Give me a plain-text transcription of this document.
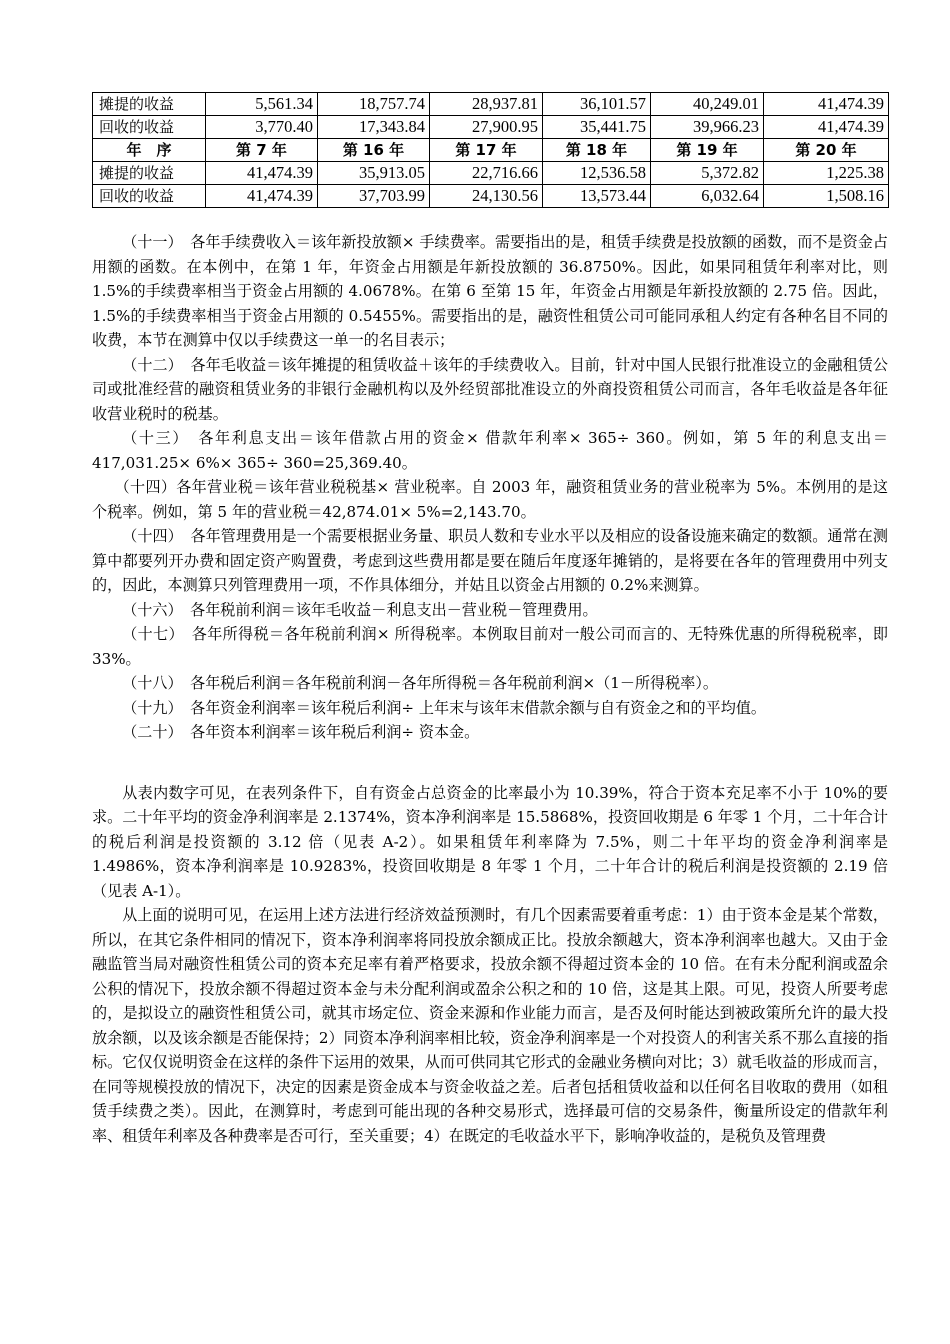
摊提的收益	5,561.34	18,757.74	28,937.81	36,101.57	40,249.01	41,474.39
回收的收益	3,770.40	17,343.84	27,900.95	35,441.75	39,966.23	41,474.39
年　序	第 7 年	第 16 年	第 17 年	第 18 年	第 19 年	第 20 年
摊提的收益	41,474.39	35,913.05	22,716.66	12,536.58	5,372.82	1,225.38
回收的收益	41,474.39	37,703.99	24,130.56	13,573.44	6,032.64	1,508.16

（十一）　各年手续费收入＝该年新投放额× 手续费率。需要指出的是，租赁手续费是投放额的函数，而不是资金占用额的函数。在本例中，在第 1 年，年资金占用额是年新投放额的 36.8750%。因此，如果同租赁年利率对比，则 1.5%的手续费率相当于资金占用额的 4.0678%。在第 6 至第 15 年，年资金占用额是年新投放额的 2.75 倍。因此，1.5%的手续费率相当于资金占用额的 0.5455%。需要指出的是，融资性租赁公司可能同承租人约定有各种名目不同的收费，本节在测算中仅以手续费这一单一的名目表示；

（十二）　各年毛收益＝该年摊提的租赁收益＋该年的手续费收入。目前，针对中国人民银行批准设立的金融租赁公司或批准经营的融资租赁业务的非银行金融机构以及外经贸部批准设立的外商投资租赁公司而言，各年毛收益是各年征收营业税时的税基。

（十三）　各年利息支出＝该年借款占用的资金× 借款年利率× 365÷ 360。例如，第 5 年的利息支出＝417,031.25× 6%× 365÷ 360=25,369.40。

（十四）各年营业税＝该年营业税税基× 营业税率。自 2003 年，融资租赁业务的营业税率为 5%。本例用的是这个税率。例如，第 5 年的营业税＝42,874.01× 5%=2,143.70。

（十四）　各年管理费用是一个需要根据业务量、职员人数和专业水平以及相应的设备设施来确定的数额。通常在测算中都要列开办费和固定资产购置费，考虑到这些费用都是要在随后年度逐年摊销的，是将要在各年的管理费用中列支的，因此，本测算只列管理费用一项，不作具体细分，并姑且以资金占用额的 0.2%来测算。

（十六）　各年税前利润＝该年毛收益－利息支出－营业税－管理费用。

（十七）　各年所得税＝各年税前利润× 所得税率。本例取目前对一般公司而言的、无特殊优惠的所得税税率，即 33%。

（十八）　各年税后利润＝各年税前利润－各年所得税＝各年税前利润×（1－所得税率）。

（十九）　各年资金利润率＝该年税后利润÷ 上年末与该年末借款余额与自有资金之和的平均值。

（二十）　各年资本利润率＝该年税后利润÷ 资本金。

从表内数字可见，在表列条件下，自有资金占总资金的比率最小为 10.39%，符合于资本充足率不小于 10%的要求。二十年平均的资金净利润率是 2.1374%，资本净利润率是 15.5868%，投资回收期是 6 年零 1 个月，二十年合计的税后利润是投资额的 3.12 倍（见表 A-2）。如果租赁年利率降为 7.5%，则二十年平均的资金净利润率是 1.4986%，资本净利润率是 10.9283%，投资回收期是 8 年零 1 个月，二十年合计的税后利润是投资额的 2.19 倍（见表 A-1）。

从上面的说明可见，在运用上述方法进行经济效益预测时，有几个因素需要着重考虑：1）由于资本金是某个常数，所以，在其它条件相同的情况下，资本净利润率将同投放余额成正比。投放余额越大，资本净利润率也越大。又由于金融监管当局对融资性租赁公司的资本充足率有着严格要求，投放余额不得超过资本金的 10 倍。在有未分配利润或盈余公积的情况下，投放余额不得超过资本金与未分配利润或盈余公积之和的 10 倍，这是其上限。可见，投资人所要考虑的，是拟设立的融资性租赁公司，就其市场定位、资金来源和作业能力而言，是否及何时能达到被政策所允许的最大投放余额，以及该余额是否能保持；2）同资本净利润率相比较，资金净利润率是一个对投资人的利害关系不那么直接的指标。它仅仅说明资金在这样的条件下运用的效果，从而可供同其它形式的金融业务横向对比；3）就毛收益的形成而言，在同等规模投放的情况下，决定的因素是资金成本与资金收益之差。后者包括租赁收益和以任何名目收取的费用（如租赁手续费之类）。因此，在测算时，考虑到可能出现的各种交易形式，选择最可信的交易条件，衡量所设定的借款年利率、租赁年利率及各种费率是否可行，至关重要；4）在既定的毛收益水平下，影响净收益的，是税负及管理费
